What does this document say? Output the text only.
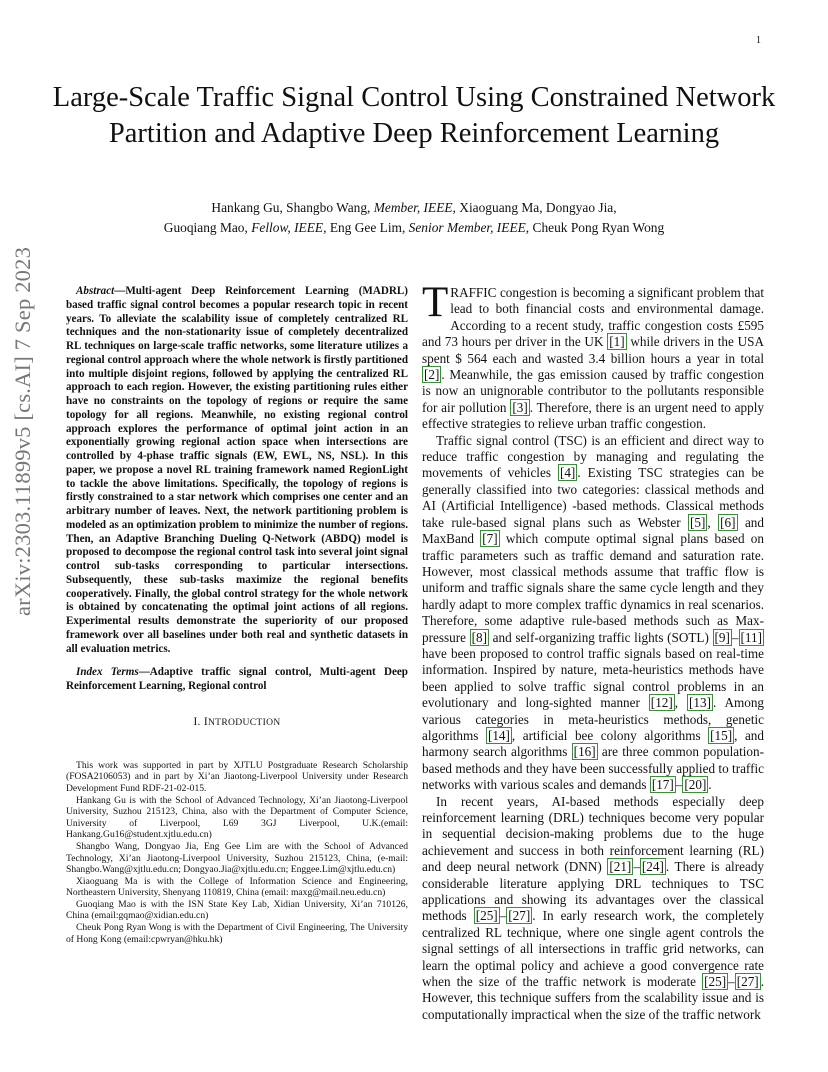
1
arXiv:2303.11899v5 [cs.AI] 7 Sep 2023
Large-Scale Traffic Signal Control Using Constrained Network Partition and Adaptive Deep Reinforcement Learning
Hankang Gu, Shangbo Wang, Member, IEEE, Xiaoguang Ma, Dongyao Jia,
Guoqiang Mao, Fellow, IEEE, Eng Gee Lim, Senior Member, IEEE, Cheuk Pong Ryan Wong

Abstract—Multi-agent Deep Reinforcement Learning (MADRL) based traffic signal control becomes a popular research topic in recent years. To alleviate the scalability issue of completely centralized RL techniques and the non-stationarity issue of completely decentralized RL techniques on large-scale traffic networks, some literature utilizes a regional control approach where the whole network is firstly partitioned into multiple disjoint regions, followed by applying the centralized RL approach to each region. However, the existing partitioning rules either have no constraints on the topology of regions or require the same topology for all regions. Meanwhile, no existing regional control approach explores the performance of optimal joint action in an exponentially growing regional action space when intersections are controlled by 4-phase traffic signals (EW, EWL, NS, NSL). In this paper, we propose a novel RL training framework named RegionLight to tackle the above limitations. Specifically, the topology of regions is firstly constrained to a star network which comprises one center and an arbitrary number of leaves. Next, the network partitioning problem is modeled as an optimization problem to minimize the number of regions. Then, an Adaptive Branching Dueling Q-Network (ABDQ) model is proposed to decompose the regional control task into several joint signal control sub-tasks corresponding to particular intersections. Subsequently, these sub-tasks maximize the regional benefits cooperatively. Finally, the global control strategy for the whole network is obtained by concatenating the optimal joint actions of all regions. Experimental results demonstrate the superiority of our proposed framework over all baselines under both real and synthetic datasets in all evaluation metrics.

Index Terms—Adaptive traffic signal control, Multi-agent Deep Reinforcement Learning, Regional control

I. INTRODUCTION

This work was supported in part by XJTLU Postgraduate Research Scholarship (FOSA2106053) and in part by Xi’an Jiaotong-Liverpool University under Research Development Fund RDF-21-02-015.

Hankang Gu is with the School of Advanced Technology, Xi’an Jiaotong-Liverpool University, Suzhou 215123, China, also with the Department of Computer Science, University of Liverpool, L69 3GJ Liverpool, U.K.(email: Hankang.Gu16@student.xjtlu.edu.cn)

Shangbo Wang, Dongyao Jia, Eng Gee Lim are with the School of Advanced Technology, Xi’an Jiaotong-Liverpool University, Suzhou 215123, China, (e-mail: Shangbo.Wang@xjtlu.edu.cn; Dongyao.Jia@xjtlu.edu.cn; Enggee.Lim@xjtlu.edu.cn)

Xiaoguang Ma is with the College of Information Science and Engineering, Northeastern University, Shenyang 110819, China (email: maxg@mail.neu.edu.cn)

Guoqiang Mao is with the ISN State Key Lab, Xidian University, Xi’an 710126, China (email:gqmao@xidian.edu.cn)

Cheuk Pong Ryan Wong is with the Department of Civil Engineering, The University of Hong Kong (email:cpwryan@hku.hk)

TRAFFIC congestion is becoming a significant problem that lead to both financial costs and environmental damage. According to a recent study, traffic congestion costs £595 and 73 hours per driver in the UK [1] while drivers in the USA spent $ 564 each and wasted 3.4 billion hours a year in total [2] . Meanwhile, the gas emission caused by traffic congestion is now an unignorable contributor to the pollutants responsible for air pollution [3] . Therefore, there is an urgent need to apply effective strategies to relieve urban traffic congestion.

Traffic signal control (TSC) is an efficient and direct way to reduce traffic congestion by managing and regulating the movements of vehicles [4] . Existing TSC strategies can be generally classified into two categories: classical methods and AI (Artificial Intelligence) -based methods. Classical methods take rule-based signal plans such as Webster [5] , [6] and MaxBand [7] which compute optimal signal plans based on traffic parameters such as traffic demand and saturation rate. However, most classical methods assume that traffic flow is uniform and traffic signals share the same cycle length and they hardly adapt to more complex traffic dynamics in real scenarios. Therefore, some adaptive rule-based methods such as Max-pressure [8] and self-organizing traffic lights (SOTL) [9] – [11] have been proposed to control traffic signals based on real-time information. Inspired by nature, meta-heuristics methods have been applied to solve traffic signal control problems in an evolutionary and long-sighted manner [12] , [13] . Among various categories in meta-heuristics methods, genetic algorithms [14] , artificial bee colony algorithms [15] , and harmony search algorithms [16] are three common population-based methods and they have been successfully applied to traffic networks with various scales and demands [17] – [20] .

In recent years, AI-based methods especially deep reinforcement learning (DRL) techniques become very popular in sequential decision-making problems due to the huge achievement and success in both reinforcement learning (RL) and deep neural network (DNN) [21] – [24] . There is already considerable literature applying DRL techniques to TSC applications and showing its advantages over the classical methods [25] – [27] . In early research work, the completely centralized RL technique, where one single agent controls the signal settings of all intersections in traffic grid networks, can learn the optimal policy and achieve a good convergence rate when the size of the traffic network is moderate [25] – [27] . However, this technique suffers from the scalability issue and is computationally impractical when the size of the traffic network
